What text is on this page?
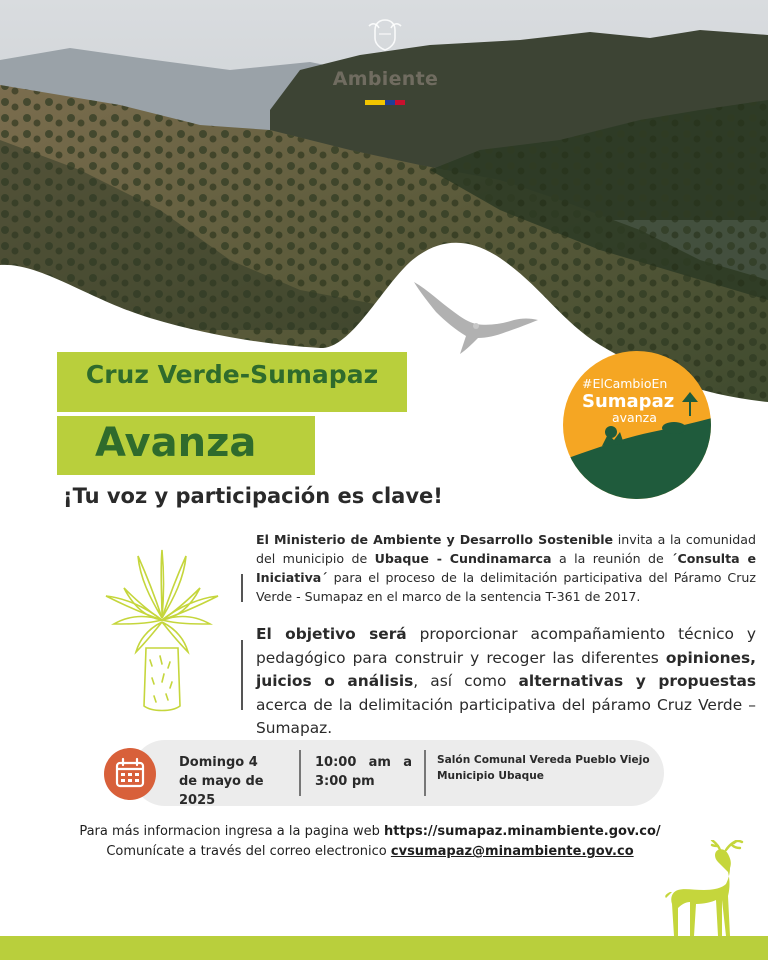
Ambiente
Cruz Verde-Sumapaz
Avanza
¡Tu voz y participación es clave!
#ElCambioEn
Sumapaz
avanza
El Ministerio de Ambiente y Desarrollo Sostenible invita a la comunidad del municipio de Ubaque - Cundinamarca a la reunión de ´Consulta e Iniciativa´ para el proceso de la delimitación participativa del Páramo Cruz Verde - Sumapaz en el marco de la sentencia T-361 de 2017.
El objetivo será proporcionar acompañamiento técnico y pedagógico para construir y recoger las diferentes opiniones, juicios o análisis, así como alternativas y propuestas acerca de la delimitación participativa del páramo Cruz Verde – Sumapaz.
Domingo 4 de mayo de 2025
10:00 am a 3:00 pm
Salón Comunal Vereda Pueblo Viejo
Municipio Ubaque
Para más informacion ingresa a la pagina web https://sumapaz.minambiente.gov.co/
Comunícate a través del correo electronico cvsumapaz@minambiente.gov.co
